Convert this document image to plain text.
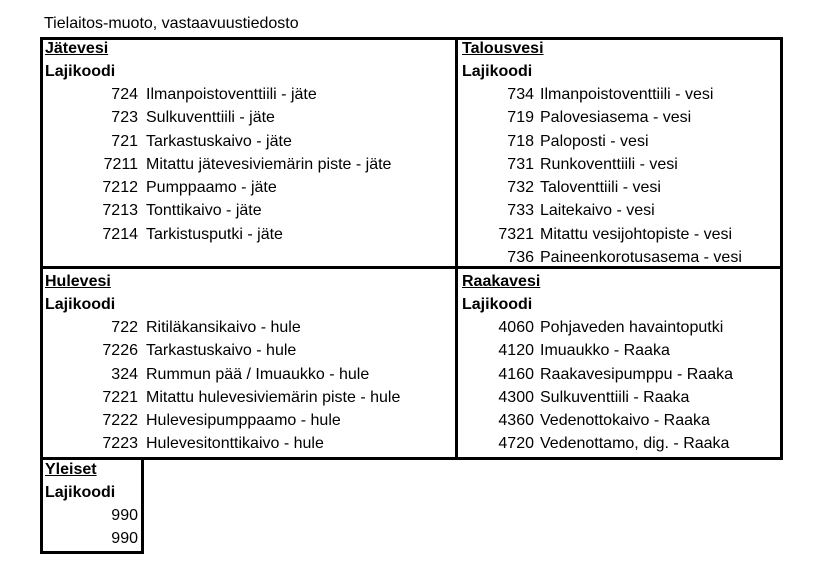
Tielaitos-muoto, vastaavuustiedosto
Jätevesi
Lajikoodi
724 Ilmanpoistoventtiili - jäte
723 Sulkuventtiili - jäte
721 Tarkastuskaivo - jäte
7211 Mitattu jätevesiviemärin piste - jäte
7212 Pumppaamo - jäte
7213 Tonttikaivo - jäte
7214 Tarkistusputki - jäte
Talousvesi
Lajikoodi
734 Ilmanpoistoventtiili - vesi
719 Palovesiasema - vesi
718 Paloposti - vesi
731 Runkoventtiili - vesi
732 Taloventtiili - vesi
733 Laitekaivo - vesi
7321 Mitattu vesijohtopiste - vesi
736 Paineenkorotusasema - vesi
Hulevesi
Lajikoodi
722 Ritiläkansikaivo - hule
7226 Tarkastuskaivo - hule
324 Rummun pää / Imuaukko - hule
7221 Mitattu hulevesiviemärin piste - hule
7222 Hulevesipumppaamo - hule
7223 Hulevesitonttikaivo - hule
Raakavesi
Lajikoodi
4060 Pohjaveden havaintoputki
4120 Imuaukko - Raaka
4160 Raakavesipumppu - Raaka
4300 Sulkuventtiili - Raaka
4360 Vedenottokaivo - Raaka
4720 Vedenottamo, dig. - Raaka
Yleiset
Lajikoodi
990
990
